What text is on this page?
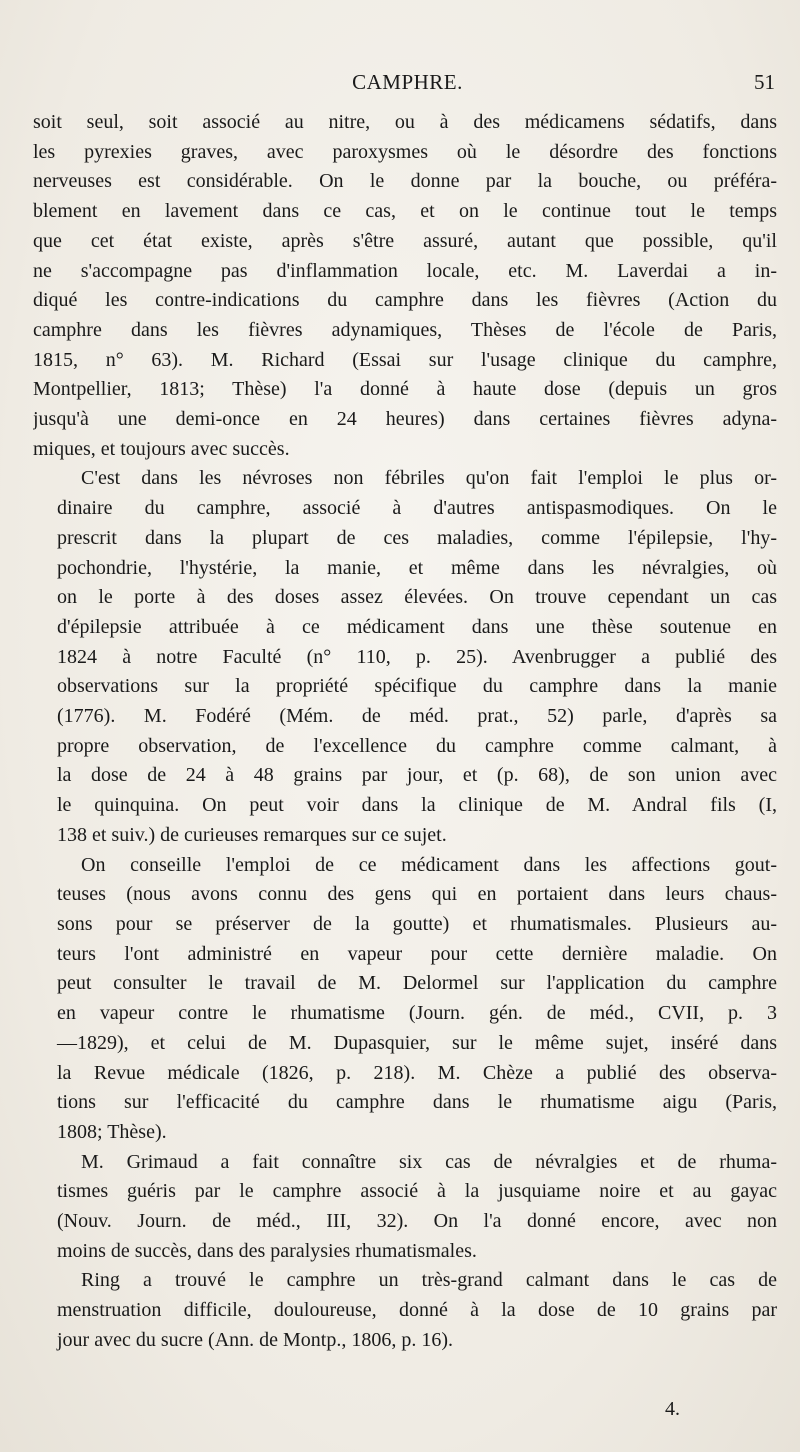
CAMPHRE.	51
soit seul, soit associé au nitre, ou à des médicamens sédatifs, dans
les pyrexies graves, avec paroxysmes où le désordre des fonctions
nerveuses est considérable. On le donne par la bouche, ou préféra-
blement en lavement dans ce cas, et on le continue tout le temps
que cet état existe, après s'être assuré, autant que possible, qu'il
ne s'accompagne pas d'inflammation locale, etc. M. Laverdai a in-
diqué les contre-indications du camphre dans les fièvres (Action du
camphre dans les fièvres adynamiques, Thèses de l'école de Paris,
1815, n° 63). M. Richard (Essai sur l'usage clinique du camphre,
Montpellier, 1813; Thèse) l'a donné à haute dose (depuis un gros
jusqu'à une demi-once en 24 heures) dans certaines fièvres adyna-
miques, et toujours avec succès.
C'est dans les névroses non fébriles qu'on fait l'emploi le plus or-
dinaire du camphre, associé à d'autres antispasmodiques. On le
prescrit dans la plupart de ces maladies, comme l'épilepsie, l'hy-
pochondrie, l'hystérie, la manie, et même dans les névralgies, où
on le porte à des doses assez élevées. On trouve cependant un cas
d'épilepsie attribuée à ce médicament dans une thèse soutenue en
1824 à notre Faculté (n° 110, p. 25). Avenbrugger a publié des
observations sur la propriété spécifique du camphre dans la manie
(1776). M. Fodéré (Mém. de méd. prat., 52) parle, d'après sa
propre observation, de l'excellence du camphre comme calmant, à
la dose de 24 à 48 grains par jour, et (p. 68), de son union avec
le quinquina. On peut voir dans la clinique de M. Andral fils (I,
138 et suiv.) de curieuses remarques sur ce sujet.
On conseille l'emploi de ce médicament dans les affections gout-
teuses (nous avons connu des gens qui en portaient dans leurs chaus-
sons pour se préserver de la goutte) et rhumatismales. Plusieurs au-
teurs l'ont administré en vapeur pour cette dernière maladie. On
peut consulter le travail de M. Delormel sur l'application du camphre
en vapeur contre le rhumatisme (Journ. gén. de méd., CVII, p. 3
—1829), et celui de M. Dupasquier, sur le même sujet, inséré dans
la Revue médicale (1826, p. 218). M. Chèze a publié des observa-
tions sur l'efficacité du camphre dans le rhumatisme aigu (Paris,
1808; Thèse).
M. Grimaud a fait connaître six cas de névralgies et de rhuma-
tismes guéris par le camphre associé à la jusquiame noire et au gayac
(Nouv. Journ. de méd., III, 32). On l'a donné encore, avec non
moins de succès, dans des paralysies rhumatismales.
Ring a trouvé le camphre un très-grand calmant dans le cas de
menstruation difficile, douloureuse, donné à la dose de 10 grains par
jour avec du sucre (Ann. de Montp., 1806, p. 16).
4.
